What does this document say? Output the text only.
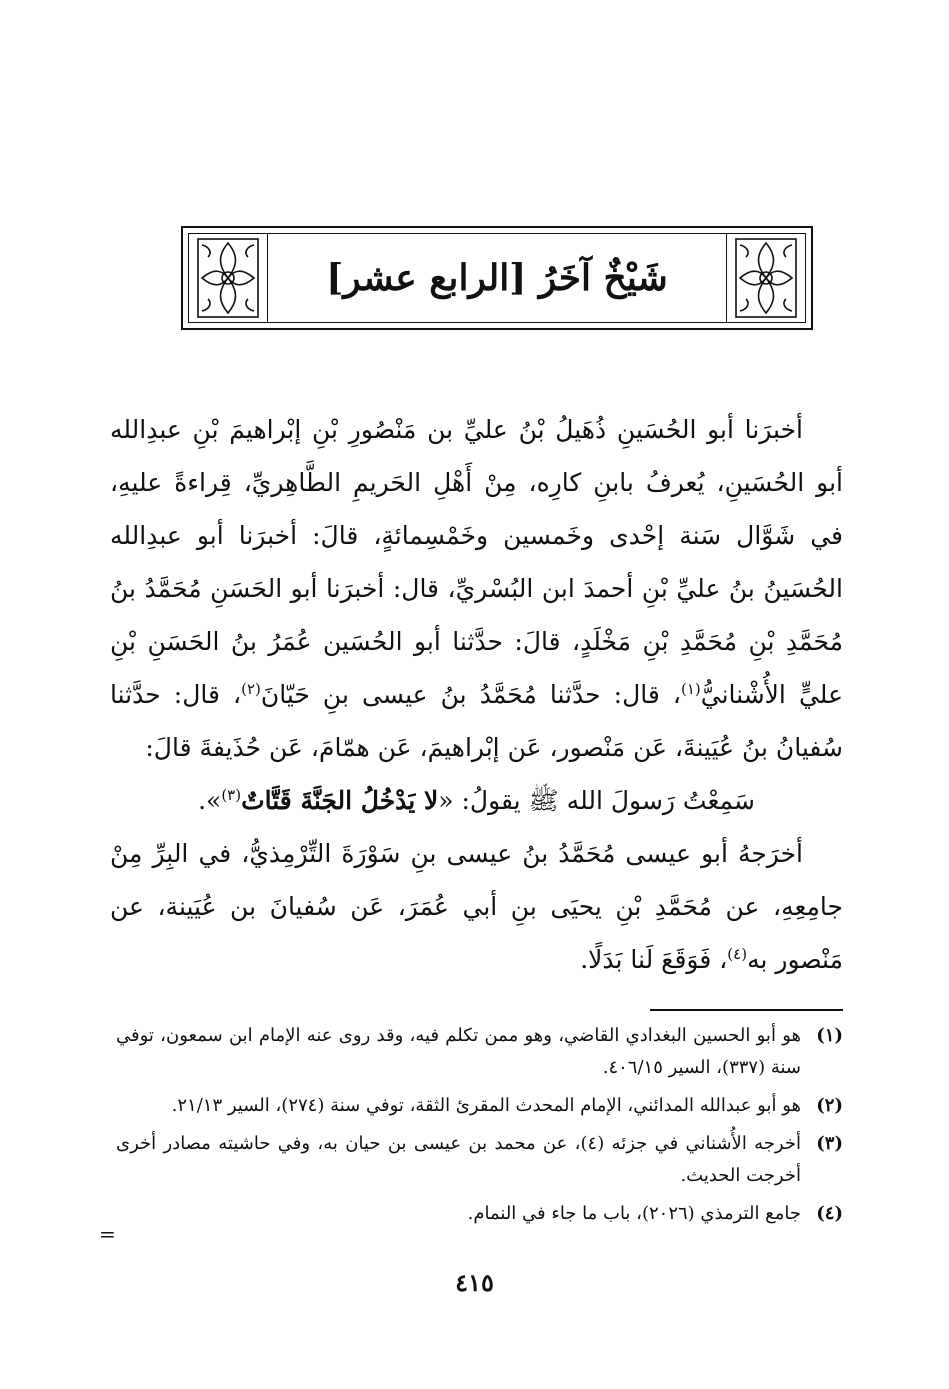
شَيْخٌ آخَرُ [الرابع عشر]

أخبرَنا أبو الحُسَينِ ذُهَيلُ بْنُ عليِّ بن مَنْصُورِ بْنِ إبْراهيمَ بْنِ عبدِالله أبو الحُسَينِ، يُعرفُ بابنِ كارِه، مِنْ أَهْلِ الحَريمِ الطَّاهِريِّ، قِراءةً عليهِ، في شَوَّال سَنة إحْدى وخَمسين وخَمْسِمائةٍ، قالَ: أخبرَنا أبو عبدِالله الحُسَينُ بنُ عليِّ بْنِ أحمدَ ابن البُسْريِّ، قال: أخبرَنا أبو الحَسَنِ مُحَمَّدُ بنُ مُحَمَّدِ بْنِ مُحَمَّدِ بْنِ مَخْلَدٍ، قالَ: حدَّثنا أبو الحُسَين عُمَرُ بنُ الحَسَنِ بْنِ عليٍّ الأُشْنانيُّ$^{(١)}$، قال: حدَّثنا مُحَمَّدُ بنُ عيسى بنِ حَيّانَ$^{(٢)}$، قال: حدَّثنا سُفيانُ بنُ عُيَينةَ، عَن مَنْصور، عَن إبْراهيمَ، عَن همّامَ، عَن حُذَيفةَ قالَ:

سَمِعْتُ رَسولَ الله ﷺ يقولُ: «لا يَدْخُلُ الجَنَّةَ قَتَّاتٌ$^{(٣)}$».

أخرَجهُ أبو عيسى مُحَمَّدُ بنُ عيسى بنِ سَوْرَةَ التِّرْمِذيُّ، في البِرِّ مِنْ جامِعِهِ، عن مُحَمَّدِ بْنِ يحيَى بنِ أبي عُمَرَ، عَن سُفيانَ بن عُيَينة، عن مَنْصور به$^{(٤)}$، فَوَقَعَ لَنا بَدَلًا.

(١)
هو أبو الحسين البغدادي القاضي، وهو ممن تكلم فيه، وقد روى عنه الإمام ابن سمعون، توفي سنة (٣٣٧)، السير ٤٠٦/١٥.
(٢)
هو أبو عبدالله المدائني، الإمام المحدث المقرئ الثقة، توفي سنة (٢٧٤)، السير ٢١/١٣.
(٣)
أخرجه الأُشناني في جزئه (٤)، عن محمد بن عيسى بن حيان به، وفي حاشيته مصادر أخرى أخرجت الحديث.
(٤)
جامع الترمذي (٢٠٢٦)، باب ما جاء في النمام.
=
٤١٥
